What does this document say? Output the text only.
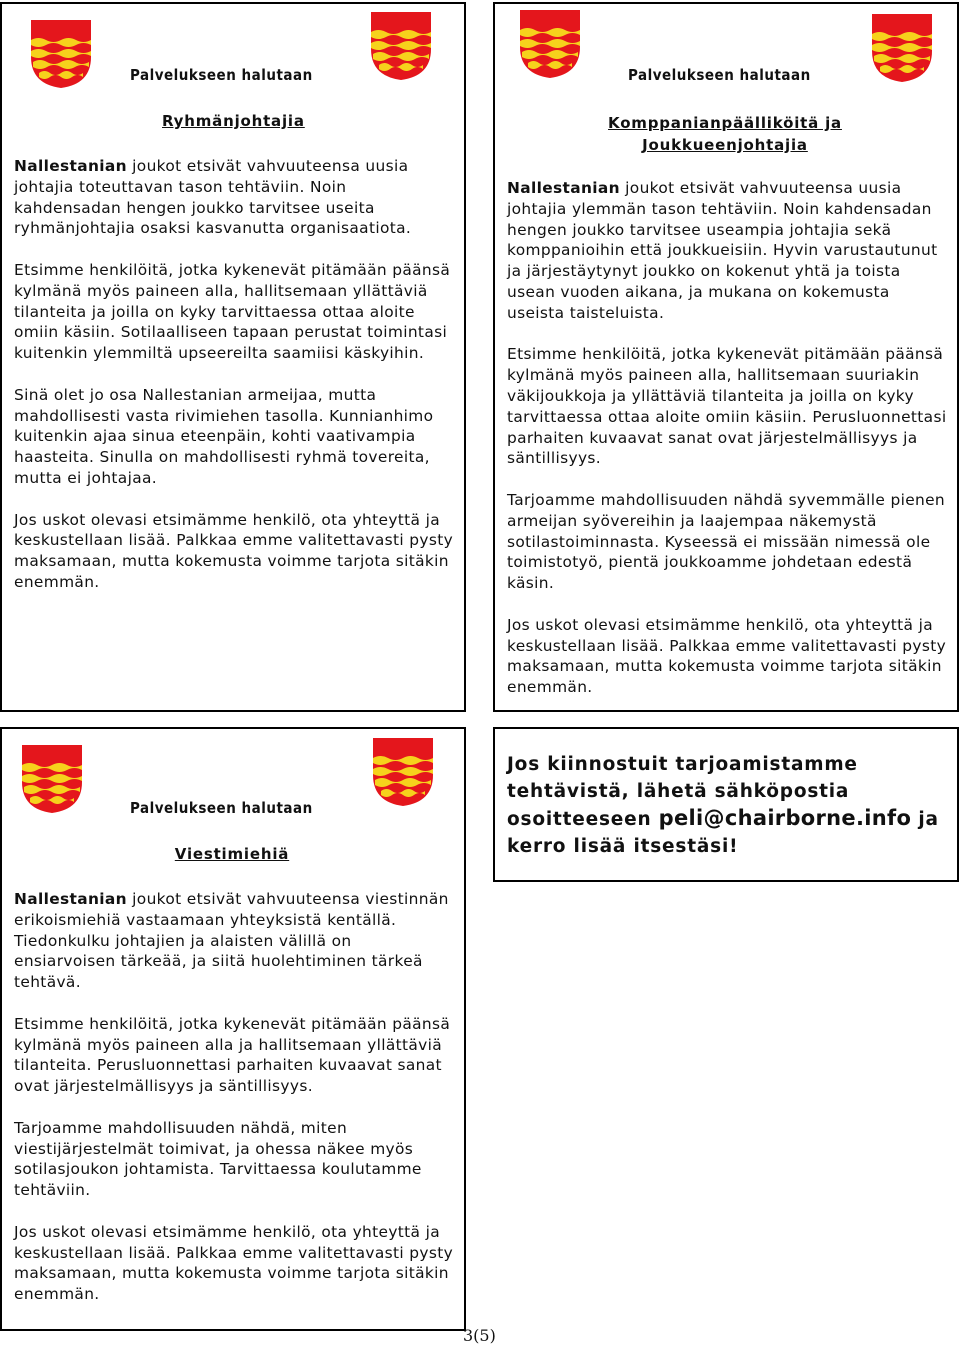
Palvelukseen halutaan
Ryhmänjohtajia

Nallestanian joukot etsivät vahvuuteensa uusia johtajia toteuttavan tason tehtäviin. Noin kahdensadan hengen joukko tarvitsee useita ryhmänjohtajia osaksi kasvanutta organisaatiota.

Etsimme henkilöitä, jotka kykenevät pitämään päänsä kylmänä myös paineen alla, hallitsemaan yllättäviä tilanteita ja joilla on kyky tarvittaessa ottaa aloite omiin käsiin. Sotilaalliseen tapaan perustat toimintasi kuitenkin ylemmiltä upseereilta saamiisi käskyihin.

Sinä olet jo osa Nallestanian armeijaa, mutta mahdollisesti vasta rivimiehen tasolla. Kunnianhimo kuitenkin ajaa sinua eteenpäin, kohti vaativampia haasteita. Sinulla on mahdollisesti ryhmä tovereita, mutta ei johtajaa.

Jos uskot olevasi etsimämme henkilö, ota yhteyttä ja keskustellaan lisää. Palkkaa emme valitettavasti pysty maksamaan, mutta kokemusta voimme tarjota sitäkin enemmän.

Palvelukseen halutaan
Komppanianpäälliköitä ja
Joukkueenjohtajia

Nallestanian joukot etsivät vahvuuteensa uusia johtajia ylemmän tason tehtäviin. Noin kahdensadan hengen joukko tarvitsee useampia johtajia sekä komppanioihin että joukkueisiin. Hyvin varustautunut ja järjestäytynyt joukko on kokenut yhtä ja toista usean vuoden aikana, ja mukana on kokemusta useista taisteluista.

Etsimme henkilöitä, jotka kykenevät pitämään päänsä kylmänä myös paineen alla, hallitsemaan suuriakin väkijoukkoja ja yllättäviä tilanteita ja joilla on kyky tarvittaessa ottaa aloite omiin käsiin. Perusluonnettasi parhaiten kuvaavat sanat ovat järjestelmällisyys ja säntillisyys.

Tarjoamme mahdollisuuden nähdä syvemmälle pienen armeijan syövereihin ja laajempaa näkemystä sotilastoiminnasta. Kyseessä ei missään nimessä ole toimistotyö, pientä joukkoamme johdetaan edestä käsin.

Jos uskot olevasi etsimämme henkilö, ota yhteyttä ja keskustellaan lisää. Palkkaa emme valitettavasti pysty maksamaan, mutta kokemusta voimme tarjota sitäkin enemmän.

Palvelukseen halutaan
Viestimiehiä

Nallestanian joukot etsivät vahvuuteensa viestinnän erikoismiehiä vastaamaan yhteyksistä kentällä. Tiedonkulku johtajien ja alaisten välillä on ensiarvoisen tärkeää, ja siitä huolehtiminen tärkeä tehtävä.

Etsimme henkilöitä, jotka kykenevät pitämään päänsä kylmänä myös paineen alla ja hallitsemaan yllättäviä tilanteita. Perusluonnettasi parhaiten kuvaavat sanat ovat järjestelmällisyys ja säntillisyys.

Tarjoamme mahdollisuuden nähdä, miten viestijärjestelmät toimivat, ja ohessa näkee myös sotilasjoukon johtamista. Tarvittaessa koulutamme tehtäviin.

Jos uskot olevasi etsimämme henkilö, ota yhteyttä ja keskustellaan lisää. Palkkaa emme valitettavasti pysty maksamaan, mutta kokemusta voimme tarjota sitäkin enemmän.

Jos kiinnostuit tarjoamistamme tehtävistä, lähetä sähköpostia osoitteeseen peli@chairborne.info ja kerro lisää itsestäsi!
3(5)
